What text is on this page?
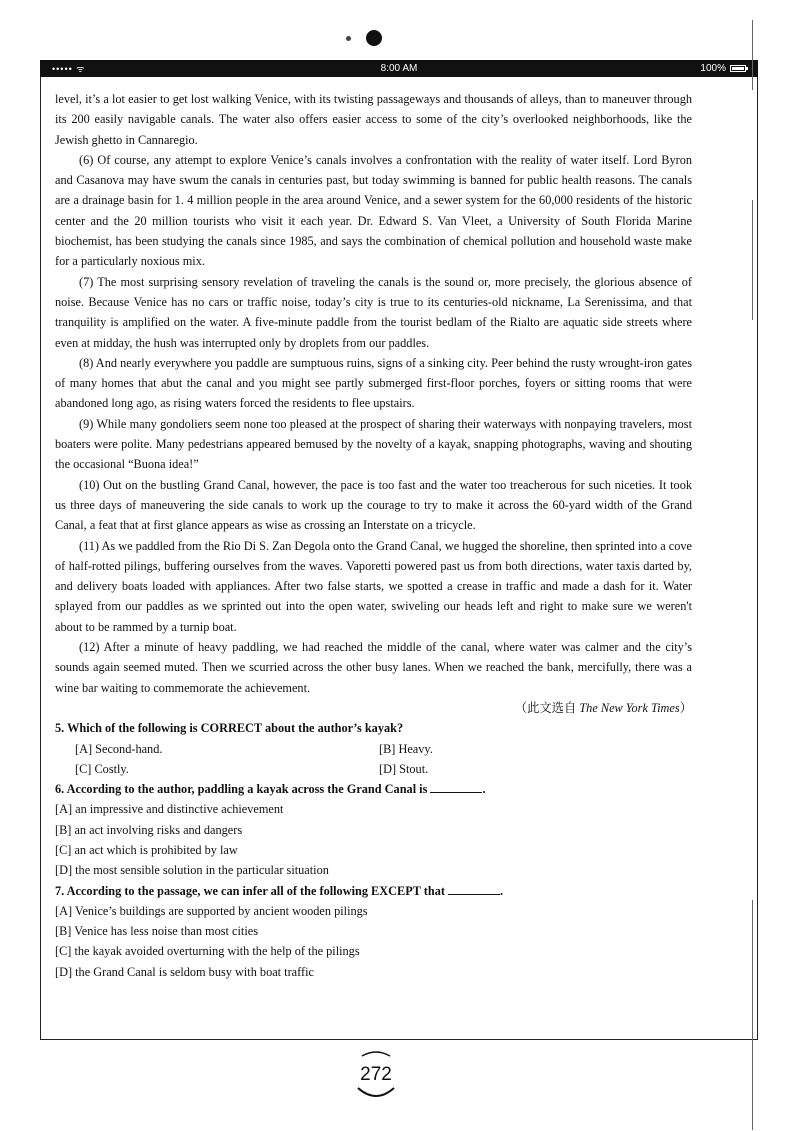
••••• ᯤ	8:00 AM	100%

level, it’s a lot easier to get lost walking Venice, with its twisting passageways and thousands of alleys, than to maneuver through its 200 easily navigable canals. The water also offers easier access to some of the city’s overlooked neighborhoods, like the Jewish ghetto in Cannaregio.

(6) Of course, any attempt to explore Venice’s canals involves a confrontation with the reality of water itself. Lord Byron and Casanova may have swum the canals in centuries past, but today swimming is banned for public health reasons. The canals are a drainage basin for 1. 4 million people in the area around Venice, and a sewer system for the 60,000 residents of the historic center and the 20 million tourists who visit it each year. Dr. Edward S. Van Vleet, a University of South Florida Marine biochemist, has been studying the canals since 1985, and says the combination of chemical pollution and household waste make for a particularly noxious mix.

(7) The most surprising sensory revelation of traveling the canals is the sound or, more precisely, the glorious absence of noise. Because Venice has no cars or traffic noise, today’s city is true to its centuries-old nickname, La Serenissima, and that tranquility is amplified on the water. A five-minute paddle from the tourist bedlam of the Rialto are aquatic side streets where even at midday, the hush was interrupted only by droplets from our paddles.

(8) And nearly everywhere you paddle are sumptuous ruins, signs of a sinking city. Peer behind the rusty wrought-iron gates of many homes that abut the canal and you might see partly submerged first-floor porches, foyers or sitting rooms that were abandoned long ago, as rising waters forced the residents to flee upstairs.

(9) While many gondoliers seem none too pleased at the prospect of sharing their waterways with nonpaying travelers, most boaters were polite. Many pedestrians appeared bemused by the novelty of a kayak, snapping photographs, waving and shouting the occasional “Buona idea!”

(10) Out on the bustling Grand Canal, however, the pace is too fast and the water too treacherous for such niceties. It took us three days of maneuvering the side canals to work up the courage to try to make it across the 60-yard width of the Grand Canal, a feat that at first glance appears as wise as crossing an Interstate on a tricycle.

(11) As we paddled from the Rio Di S. Zan Degola onto the Grand Canal, we hugged the shoreline, then sprinted into a cove of half-rotted pilings, buffering ourselves from the waves. Vaporetti powered past us from both directions, water taxis darted by, and delivery boats loaded with appliances. After two false starts, we spotted a crease in traffic and made a dash for it. Water splayed from our paddles as we sprinted out into the open water, swiveling our heads left and right to make sure we weren't about to be rammed by a turnip boat.

(12) After a minute of heavy paddling, we had reached the middle of the canal, where water was calmer and the city’s sounds again seemed muted. Then we scurried across the other busy lanes. When we reached the bank, mercifully, there was a wine bar waiting to commemorate the achievement.

（此文选自 The New York Times）

5. Which of the following is CORRECT about the author’s kayak?

[A] Second-hand.	[B] Heavy.
[C] Costly.	[D] Stout.

6. According to the author, paddling a kayak across the Grand Canal is	.

[A] an impressive and distinctive achievement

[B] an act involving risks and dangers

[C] an act which is prohibited by law

[D] the most sensible solution in the particular situation

7. According to the passage, we can infer all of the following EXCEPT that	.

[A] Venice’s buildings are supported by ancient wooden pilings

[B] Venice has less noise than most cities

[C] the kayak avoided overturning with the help of the pilings

[D] the Grand Canal is seldom busy with boat traffic

272
